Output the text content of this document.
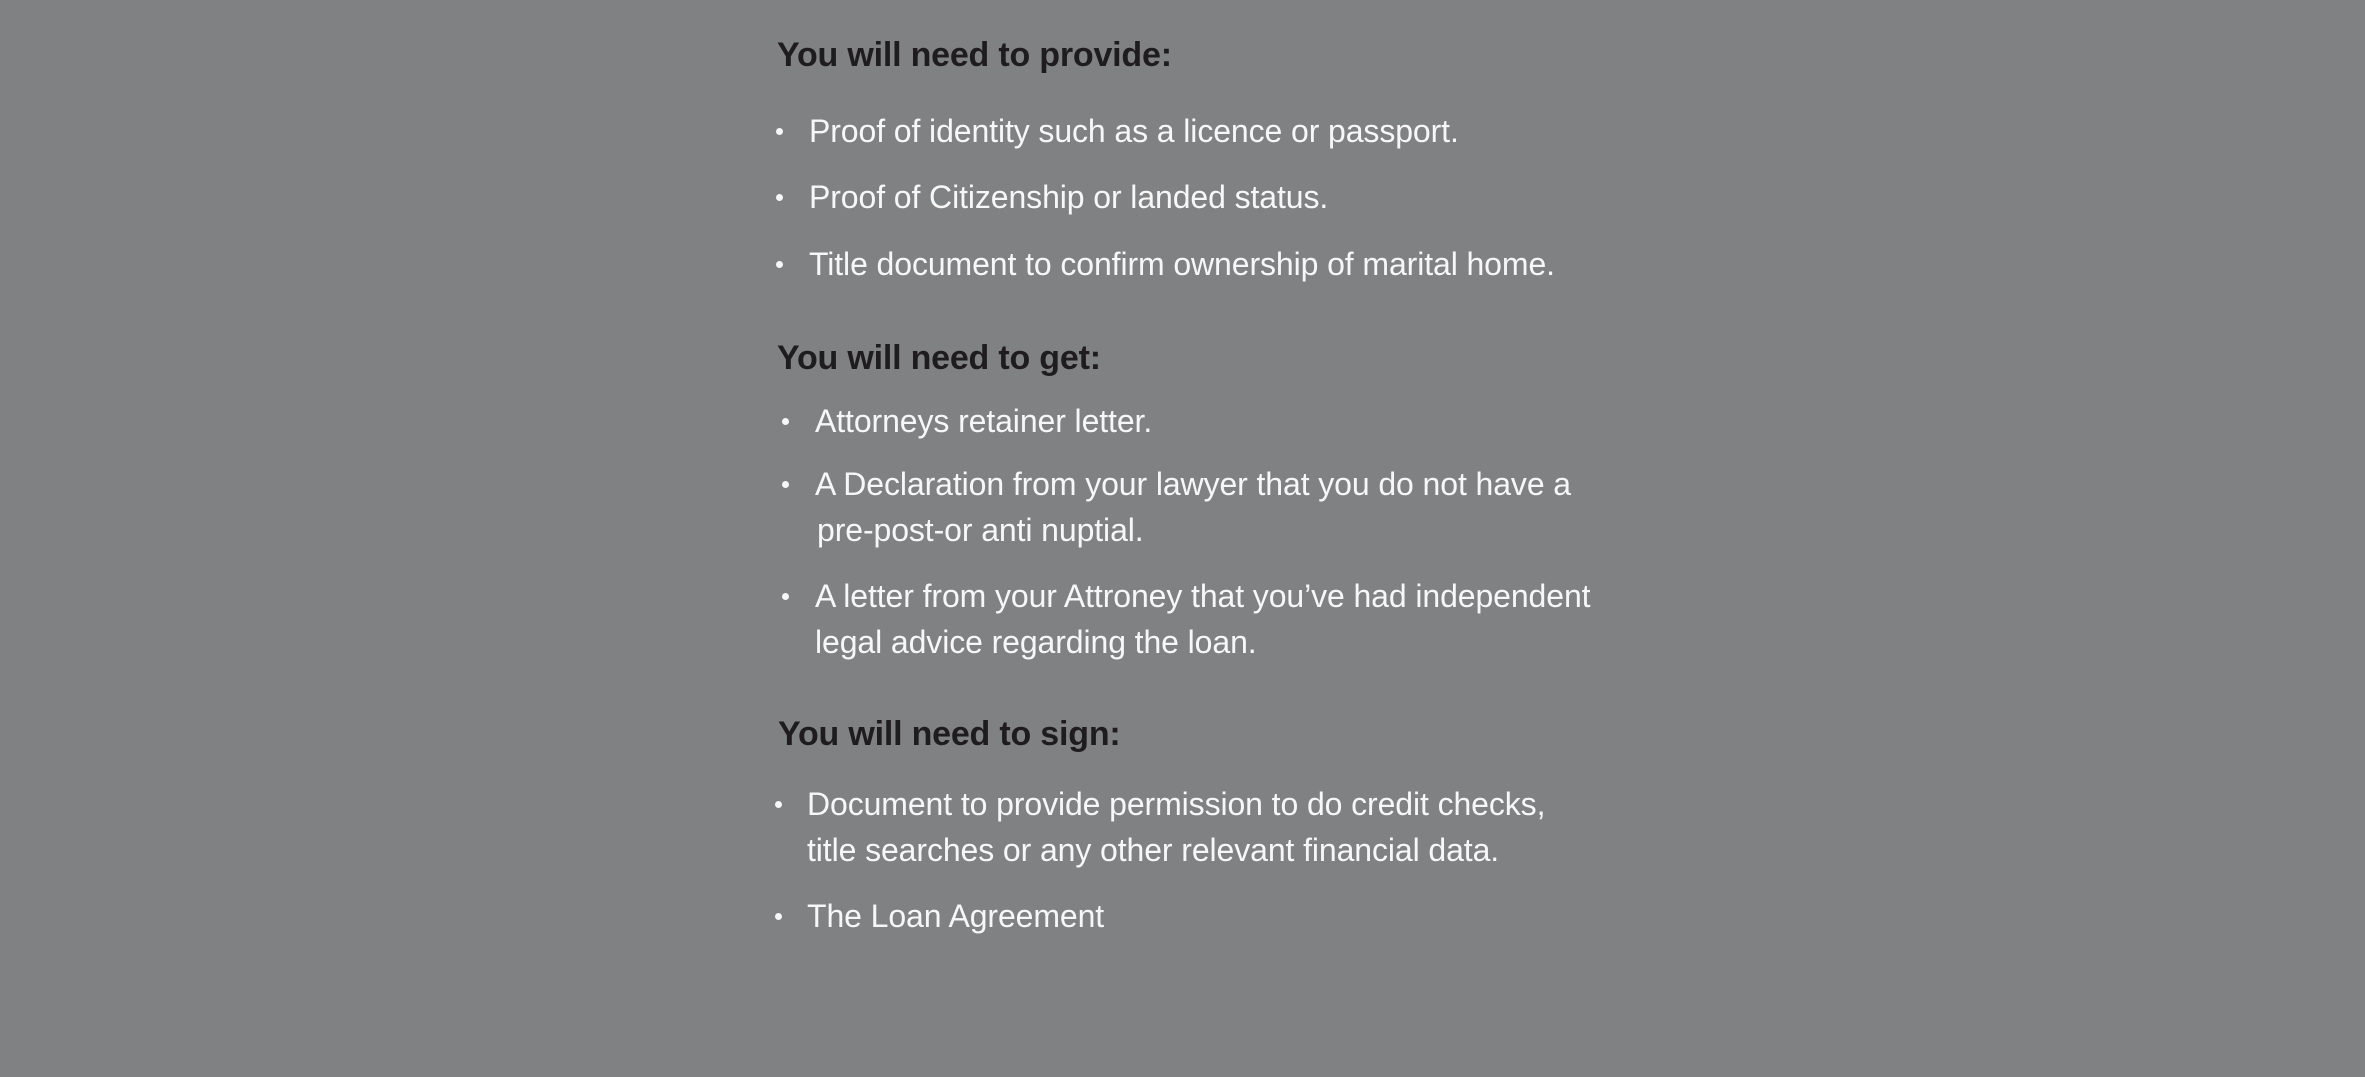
You will need to provide:

Proof of identity such as a licence or passport.

Proof of Citizenship or landed status.

Title document to confirm ownership of marital home.

You will need to get:

Attorneys retainer letter.

A Declaration from your lawyer that you do not have a
pre-post-or anti nuptial.

A letter from your Attroney that you’ve had independent
legal advice regarding the loan.

You will need to sign:

Document to provide permission to do credit checks,
title searches or any other relevant financial data.

The Loan Agreement
